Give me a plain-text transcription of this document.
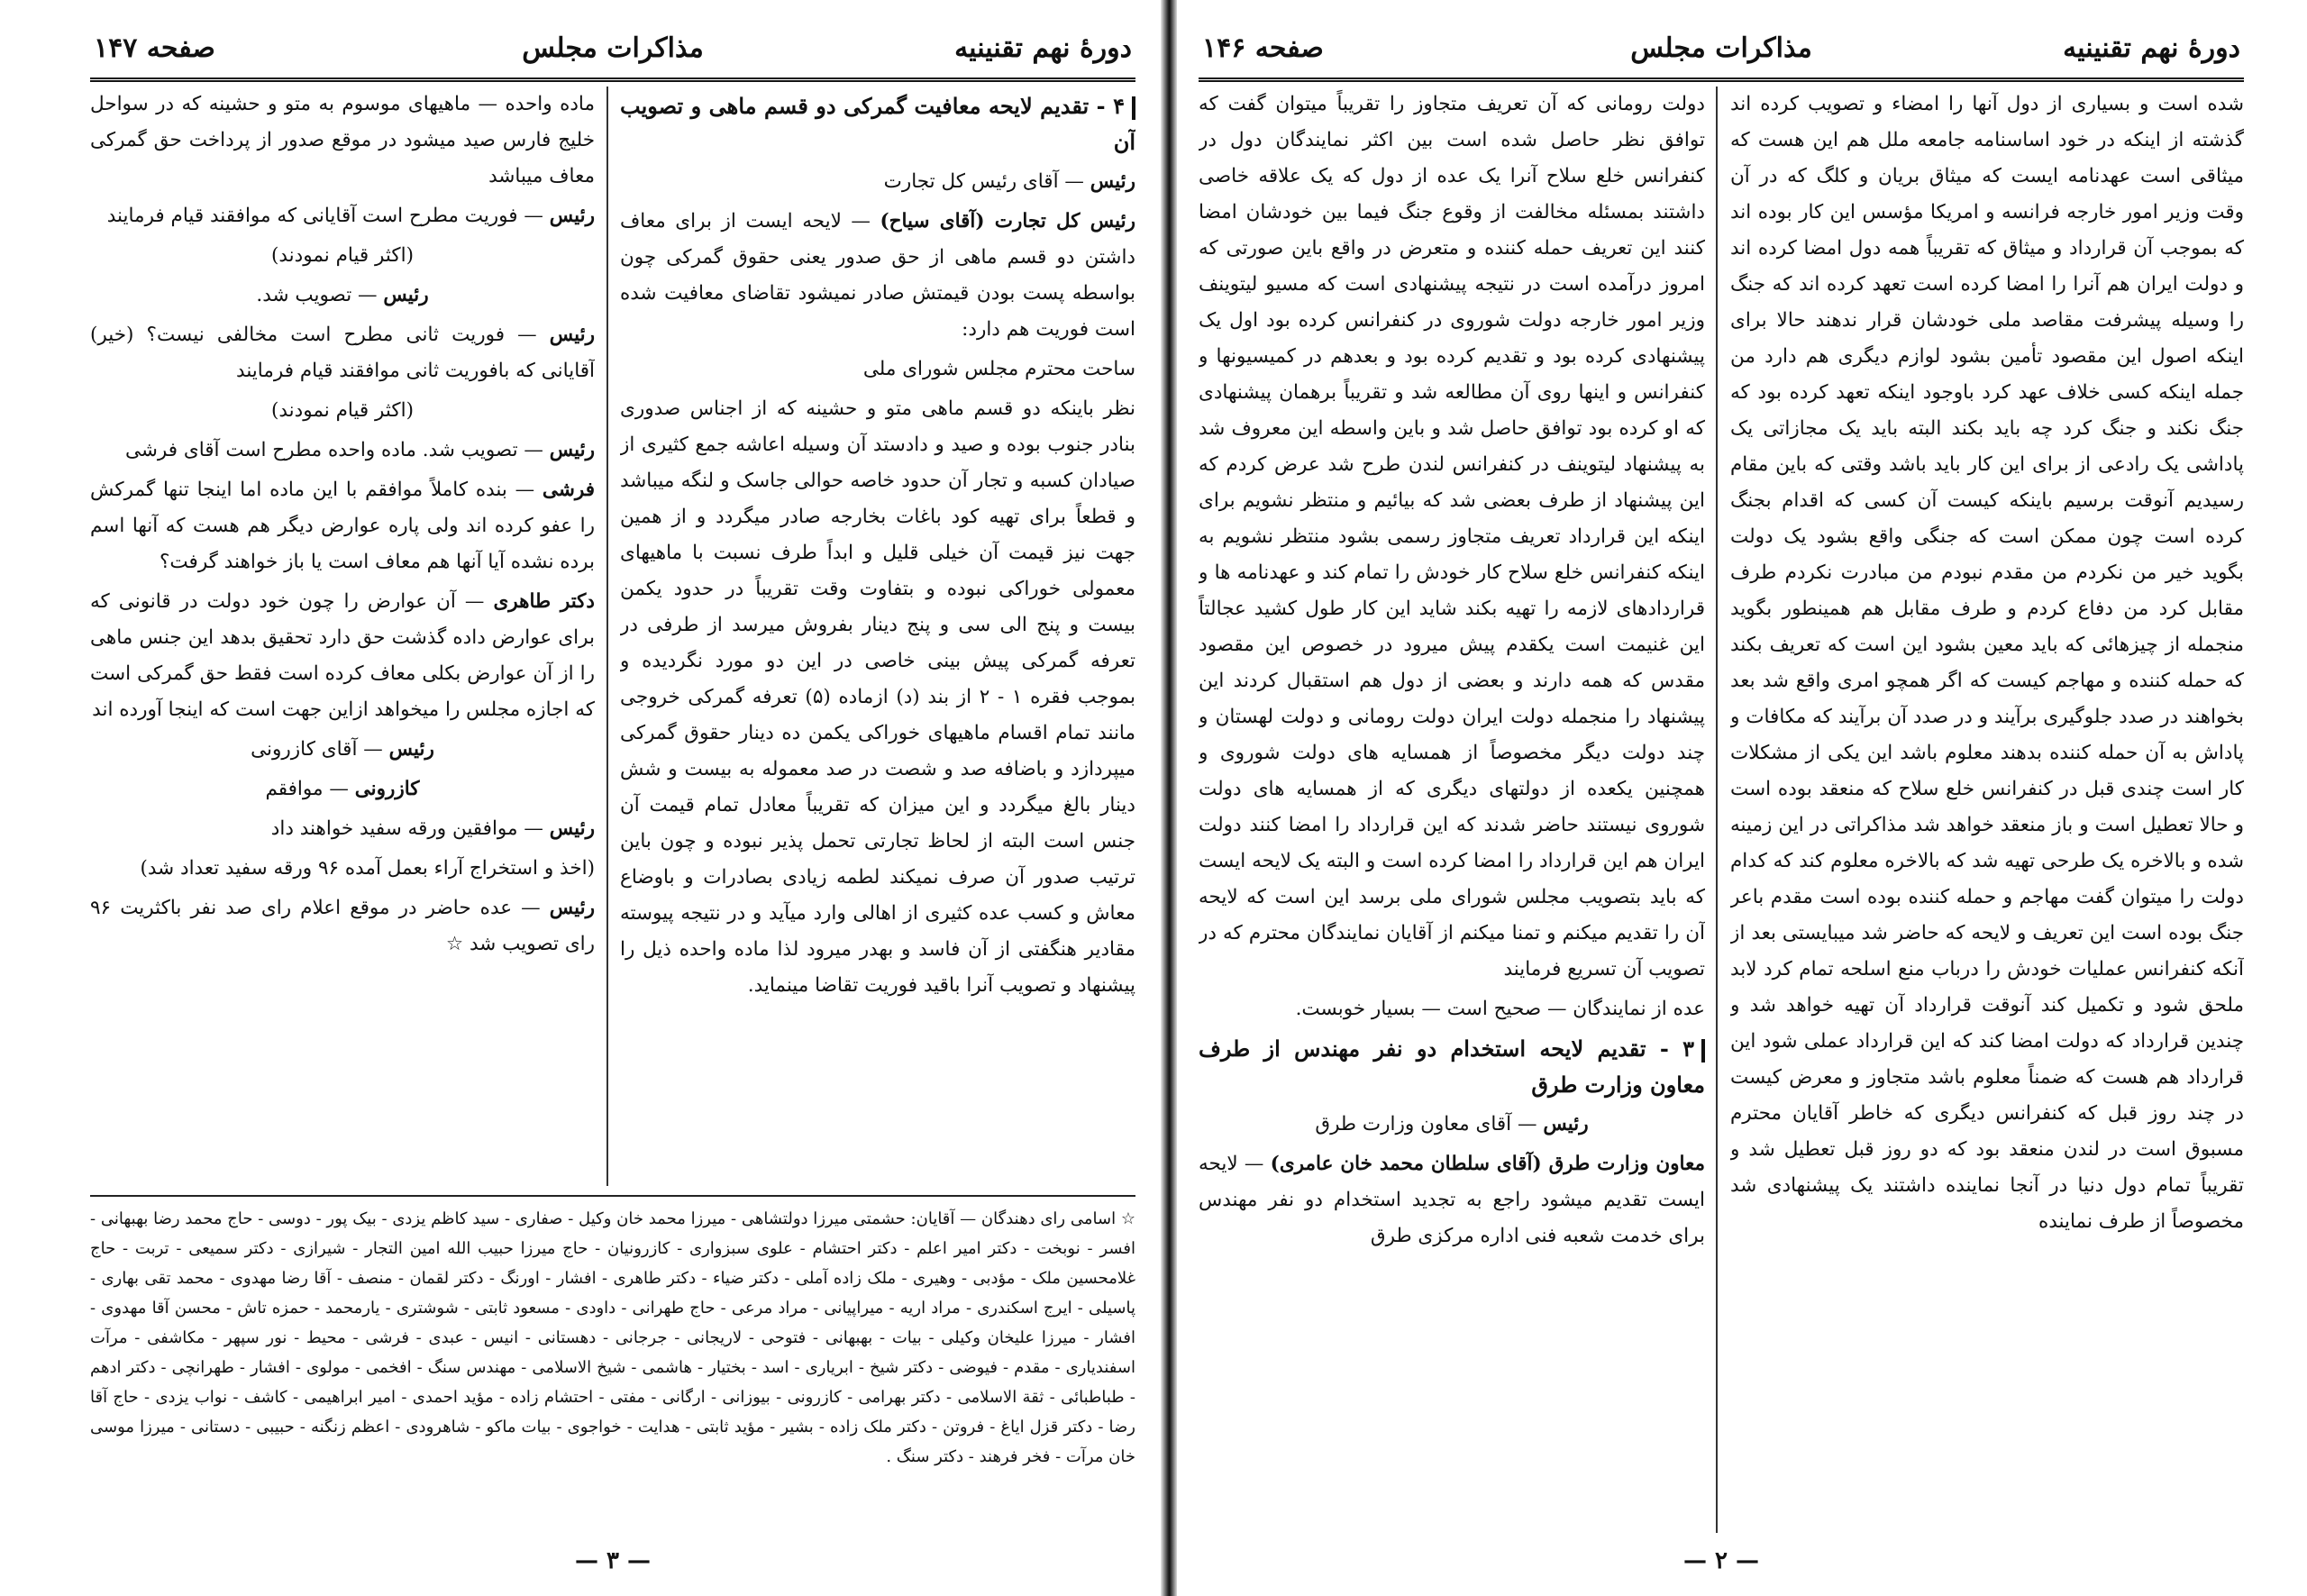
دورهٔ نهم تقنینیه
مذاکرات مجلس
صفحه ۱۴۷
۴ - تقدیم لایحه معافیت گمرکی دو قسم ماهی و تصویب آن

رئیس — آقای رئیس کل تجارت

رئیس کل تجارت (آقای سیاح) — لایحه ایست از برای معاف داشتن دو قسم ماهی از حق صدور یعنی حقوق گمرکی چون بواسطه پست بودن قیمتش صادر نمیشود تقاضای معافیت شده است فوریت هم دارد:

ساحت محترم مجلس شورای ملی

نظر باینکه دو قسم ماهی متو و حشینه که از اجناس صدوری بنادر جنوب بوده و صید و دادستد آن وسیله اعاشه جمع کثیری از صیادان کسبه و تجار آن حدود خاصه حوالی جاسک و لنگه میباشد و قطعاً برای تهیه کود باغات بخارجه صادر میگردد و از همین جهت نیز قیمت آن خیلی قلیل و ابداً طرف نسبت با ماهیهای معمولی خوراکی نبوده و بتفاوت وقت تقریباً در حدود یکمن بیست و پنج الی سی و پنج دینار بفروش میرسد از طرفی در تعرفه گمرکی پیش بینی خاصی در این دو مورد نگردیده و بموجب فقره ۱ - ۲ از بند (د) ازماده (۵) تعرفه گمرکی خروجی مانند تمام اقسام ماهیهای خوراکی یکمن ده دینار حقوق گمرکی میپردازد و باضافه صد و شصت در صد معموله به بیست و شش دینار بالغ میگردد و این میزان که تقریباً معادل تمام قیمت آن جنس است البته از لحاظ تجارتی تحمل پذیر نبوده و چون باین ترتیب صدور آن صرف نمیکند لطمه زیادی بصادرات و باوضاع معاش و کسب عده کثیری از اهالی وارد میآید و در نتیجه پیوسته مقادیر هنگفتی از آن فاسد و بهدر میرود لذا ماده واحده ذیل را پیشنهاد و تصویب آنرا باقید فوریت تقاضا مینماید.

ماده واحده — ماهیهای موسوم به متو و حشینه که در سواحل خلیج فارس صید میشود در موقع صدور از پرداخت حق گمرکی معاف میباشد

رئیس — فوریت مطرح است آقایانی که موافقند قیام فرمایند

(اکثر قیام نمودند)

رئیس — تصویب شد.

رئیس — فوریت ثانی مطرح است مخالفی نیست؟ (خیر) آقایانی که بافوریت ثانی موافقند قیام فرمایند

(اکثر قیام نمودند)

رئیس — تصویب شد. ماده واحده مطرح است آقای فرشی

فرشی — بنده کاملاً موافقم با این ماده اما اینجا تنها گمرکش را عفو کرده اند ولی پاره عوارض دیگر هم هست که آنها اسم برده نشده آیا آنها هم معاف است یا باز خواهند گرفت؟

دکتر طاهری — آن عوارض را چون خود دولت در قانونی که برای عوارض داده گذشت حق دارد تحقیق بدهد این جنس ماهی را از آن عوارض بکلی معاف کرده است فقط حق گمرکی است که اجازه مجلس را میخواهد ازاین جهت است که اینجا آورده اند

رئیس — آقای کازرونی

کازرونی — موافقم

رئیس — موافقین ورقه سفید خواهند داد

(اخذ و استخراج آراء بعمل آمده ۹۶ ورقه سفید تعداد شد)

رئیس — عده حاضر در موقع اعلام رای صد نفر باکثریت ۹۶ رای تصویب شد ☆

☆ اسامی رای دهندگان — آقایان: حشمتی میرزا دولتشاهی - میرزا محمد خان وکیل - صفاری - سید کاظم یزدی - بیک پور - دوسی - حاج محمد رضا بهبهانی - افسر - نوبخت - دکتر امیر اعلم - دکتر احتشام - علوی سبزواری - کازرونیان - حاج میرزا حبیب الله امین التجار - شیرازی - دکتر سمیعی - تربت - حاج غلامحسین ملک - مؤدبی - وهیری - ملک زاده آملی - دکتر ضیاء - دکتر طاهری - افشار - اورنگ - دکتر لقمان - منصف - آقا رضا مهدوی - محمد تقی بهاری - پاسیلی - ایرج اسکندری - مراد اریه - میراپیانی - مراد مرعی - حاج طهرانی - داودی - مسعود ثابتی - شوشتری - یارمحمد - حمزه تاش - محسن آقا مهدوی - افشار - میرزا علیخان وکیلی - بیات - بهبهانی - فتوحی - لاریجانی - جرجانی - دهستانی - انیس - عبدی - فرشی - محیط - نور سپهر - مکاشفی - مرآت اسفندیاری - مقدم - فیوضی - دکتر شیخ - ابریاری - اسد - بختیار - هاشمی - شیخ الاسلامی - مهندس سنگ - افخمی - مولوی - افشار - طهرانچی - دکتر ادهم - طباطبائی - ثقة الاسلامی - دکتر بهرامی - کازرونی - بیوزانی - ارگانی - مفتی - احتشام زاده - مؤید احمدی - امیر ابراهیمی - کاشف - نواب یزدی - حاج آقا رضا - دکتر قزل ایاغ - فروتن - دکتر ملک زاده - بشیر - مؤید ثابتی - هدایت - خواجوی - بیات ماکو - شاهرودی - اعظم زنگنه - حبیبی - دستانی - میرزا موسی خان مرآت - فخر فرهند - دکتر سنگ .
— ۳ —
دورهٔ نهم تقنینیه
مذاکرات مجلس
صفحه ۱۴۶

شده است و بسیاری از دول آنها را امضاء و تصویب کرده اند گذشته از اینکه در خود اساسنامه جامعه ملل هم این هست که میثاقی است عهدنامه ایست که میثاق بریان و کلگ که در آن وقت وزیر امور خارجه فرانسه و امریکا مؤسس این کار بوده اند که بموجب آن قرارداد و میثاق که تقریباً همه دول امضا کرده اند و دولت ایران هم آنرا را امضا کرده است تعهد کرده اند که جنگ را وسیله پیشرفت مقاصد ملی خودشان قرار ندهند حالا برای اینکه اصول این مقصود تأمین بشود لوازم دیگری هم دارد من جمله اینکه کسی خلاف عهد کرد باوجود اینکه تعهد کرده بود که جنگ نکند و جنگ کرد چه باید بکند البته باید یک مجازاتی یک پاداشی یک رادعی از برای این کار باید باشد وقتی که باین مقام رسیدیم آنوقت برسیم باینکه کیست آن کسی که اقدام بجنگ کرده است چون ممکن است که جنگی واقع بشود یک دولت بگوید خیر من نکردم من مقدم نبودم من مبادرت نکردم طرف مقابل کرد من دفاع کردم و طرف مقابل هم همینطور بگوید منجمله از چیزهائی که باید معین بشود این است که تعریف بکند که حمله کننده و مهاجم کیست که اگر همچو امری واقع شد بعد بخواهند در صدد جلوگیری برآیند و در صدد آن برآیند که مکافات و پاداش به آن حمله کننده بدهند معلوم باشد این یکی از مشکلات کار است چندی قبل در کنفرانس خلع سلاح که منعقد بوده است و حالا تعطیل است و باز منعقد خواهد شد مذاکراتی در این زمینه شده و بالاخره یک طرحی تهیه شد که بالاخره معلوم کند که کدام دولت را میتوان گفت مهاجم و حمله کننده بوده است مقدم باعر جنگ بوده است این تعریف و لایحه که حاضر شد میبایستی بعد از آنکه کنفرانس عملیات خودش را درباب منع اسلحه تمام کرد لابد ملحق شود و تکمیل کند آنوقت قرارداد آن تهیه خواهد شد و چندین قرارداد که دولت امضا کند که این قرارداد عملی شود این قرارداد هم هست که ضمناً معلوم باشد متجاوز و معرض کیست در چند روز قبل که کنفرانس دیگری که خاطر آقایان محترم مسبوق است در لندن منعقد بود که دو روز قبل تعطیل شد و تقریباً تمام دول دنیا در آنجا نماینده داشتند یک پیشنهادی شد مخصوصاً از طرف نماینده

دولت رومانی که آن تعریف متجاوز را تقریباً میتوان گفت که توافق نظر حاصل شده است بین اکثر نمایندگان دول در کنفرانس خلع سلاح آنرا یک عده از دول که یک علاقه خاصی داشتند بمسئله مخالفت از وقوع جنگ فیما بین خودشان امضا کنند این تعریف حمله کننده و متعرض در واقع باین صورتی که امروز درآمده است در نتیجه پیشنهادی است که مسیو لیتوینف وزیر امور خارجه دولت شوروی در کنفرانس کرده بود اول یک پیشنهادی کرده بود و تقدیم کرده بود و بعدهم در کمیسیونها و کنفرانس و اینها روی آن مطالعه شد و تقریباً برهمان پیشنهادی که او کرده بود توافق حاصل شد و باین واسطه این معروف شد به پیشنهاد لیتوینف در کنفرانس لندن طرح شد عرض کردم که این پیشنهاد از طرف بعضی شد که بیائیم و منتظر نشویم برای اینکه این قرارداد تعریف متجاوز رسمی بشود منتظر نشویم به اینکه کنفرانس خلع سلاح کار خودش را تمام کند و عهدنامه ها و قراردادهای لازمه را تهیه بکند شاید این کار طول کشید عجالتاً این غنیمت است یکقدم پیش میرود در خصوص این مقصود مقدس که همه دارند و بعضی از دول هم استقبال کردند این پیشنهاد را منجمله دولت ایران دولت رومانی و دولت لهستان و چند دولت دیگر مخصوصاً از همسایه های دولت شوروی و همچنین یکعده از دولتهای دیگری که از همسایه های دولت شوروی نیستند حاضر شدند که این قرارداد را امضا کنند دولت ایران هم این قرارداد را امضا کرده است و البته یک لایحه ایست که باید بتصویب مجلس شورای ملی برسد این است که لایحه آن را تقدیم میکنم و تمنا میکنم از آقایان نمایندگان محترم که در تصویب آن تسریع فرمایند

عده از نمایندگان — صحیح است — بسیار خوبست.

۳ - تقدیم لایحه استخدام دو نفر مهندس از طرف معاون وزارت طرق

رئیس — آقای معاون وزارت طرق

معاون وزارت طرق (آقای سلطان محمد خان عامری) — لایحه ایست تقدیم میشود راجع به تجدید استخدام دو نفر مهندس برای خدمت شعبه فنی اداره مرکزی طرق

— ۲ —
